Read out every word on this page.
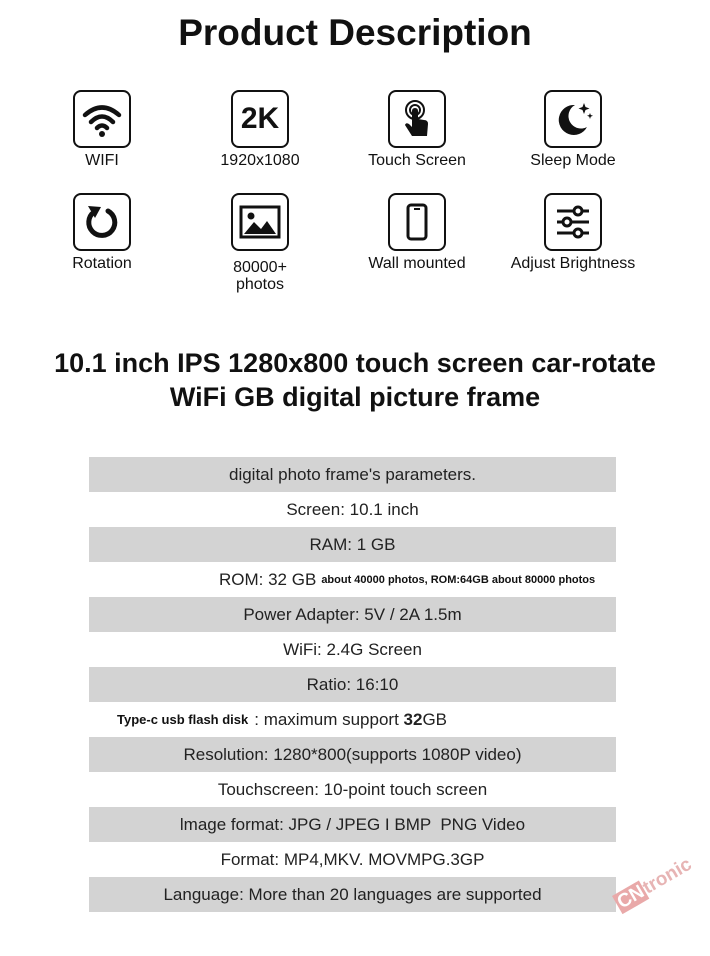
Product Description
WIFI
2K
1920x1080	Touch Screen	Sleep Mode
Rotation	80000+
photos
Wall mounted	Adjust Brightness
10.1 inch IPS 1280x800 touch screen car-rotate
WiFi GB digital picture frame
digital photo frame's parameters.
Screen: 10.1 inch
RAM: 1 GB
ROM: 32 GB about 40000 photos, ROM:64GB about 80000 photos
Power Adapter: 5V / 2A 1.5m
WiFi: 2.4G Screen
Ratio: 16:10
Type-c usb flash disk : maximum support 32 GB
Resolution: 1280*800(supports 1080P video)
Touchscreen: 10-point touch screen
lmage format: JPG / JPEG I BMP  PNG Video
Format: MP4,MKV. MOVMPG.3GP
Language: More than 20 languages are supported	CNtronic
